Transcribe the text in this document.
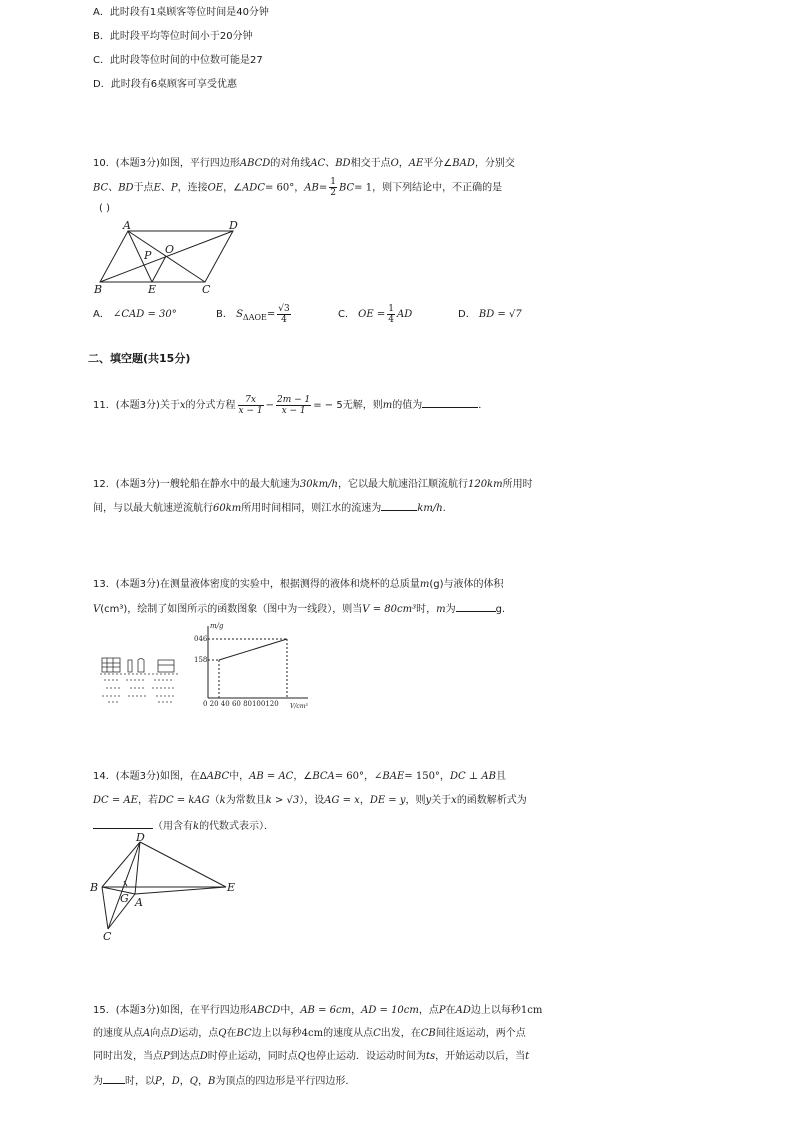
A．此时段有1桌顾客等位时间是40分钟
B．此时段平均等位时间小于20分钟
C．此时段等位时间的中位数可能是27
D．此时段有6桌顾客可享受优惠
10．(本题3分)如图，平行四边形ABCD的对角线AC、BD相交于点O，AE平分∠BAD，分别交
BC、BD于点E、P，连接OE，∠ADC= 60°，$AB= \frac{1}{2} BC= 1$，则下列结论中，不正确的是
( )
A	D
O
P
B	E	C
A． ∠CAD = 30°	B． $S_{\Delta AOE}= \frac{√3}{4}$	C． OE = $\frac{1}{4}$ AD	D． BD = √7
二、填空题(共15分)
11．(本题3分)关于x的分式方程 $\frac{7x}{x - 1} - \frac{2m - 1}{x - 1}$ = − 5无解，则m的值为	．
12．(本题3分)一艘轮船在静水中的最大航速为30km/h，它以最大航速沿江顺流航行120km所用时
间，与以最大航速逆流航行60km所用时间相同，则江水的流速为	km/h.
13．(本题3分)在测量液体密度的实验中，根据测得的液体和烧杯的总质量m(g)与液体的体积
V(cm³)，绘制了如图所示的函数图象（图中为一线段），则当V = 80cm³时，m为	g.
m/g
046
158
0 20 40 60 80100120 V/cm³
14．(本题3分)如图，在ΔABC中，AB = AC，∠BCA= 60°，∠BAE= 150°，DC ⊥ AB且
DC = AE，若DC = kAG（k为常数且k > √3），设AG = x，DE = y，则y关于x的函数解析式为
（用含有k的代数式表示）．
D
B
G A
E
C
15．(本题3分)如图，在平行四边形ABCD中，AB = 6cm，AD = 10cm，点P在AD边上以每秒1cm
的速度从点A向点D运动，点Q在BC边上以每秒4cm的速度从点C出发，在CB间往返运动，两个点
同时出发，当点P到达点D时停止运动，同时点Q也停止运动．设运动时间为ts，开始运动以后，当t
为 时，以P，D，Q，B为顶点的四边形是平行四边形．
